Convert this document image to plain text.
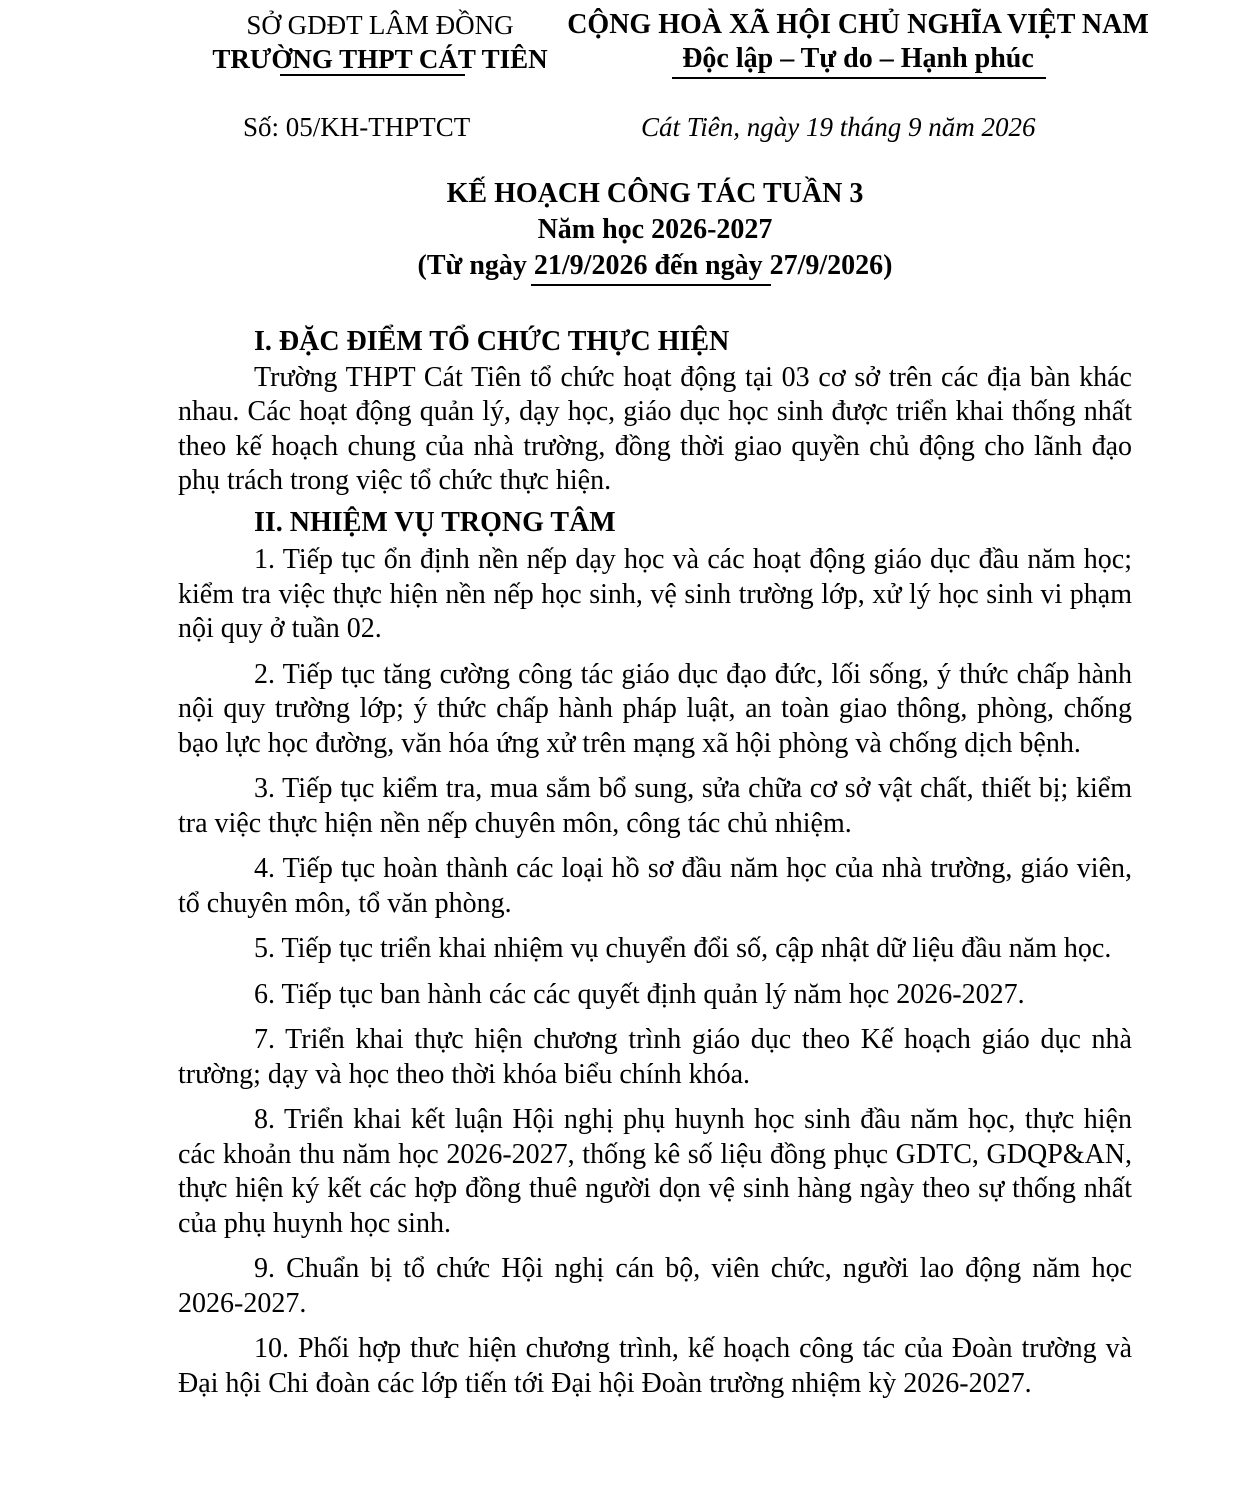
SỞ GDĐT LÂM ĐỒNG
TRƯỜNG THPT CÁT TIÊN
CỘNG HOÀ XÃ HỘI CHỦ NGHĨA VIỆT NAM
Độc lập – Tự do – Hạnh phúc
Số: 05/KH-THPTCT	Cát Tiên, ngày 19 tháng 9 năm 2026
KẾ HOẠCH CÔNG TÁC TUẦN 3
Năm học 2026-2027
(Từ ngày 21/9/2026 đến ngày 27/9/2026)

I. ĐẶC ĐIỂM TỔ CHỨC THỰC HIỆN

Trường THPT Cát Tiên tổ chức hoạt động tại 03 cơ sở trên các địa bàn khác nhau. Các hoạt động quản lý, dạy học, giáo dục học sinh được triển khai thống nhất theo kế hoạch chung của nhà trường, đồng thời giao quyền chủ động cho lãnh đạo phụ trách trong việc tổ chức thực hiện.

II. NHIỆM VỤ TRỌNG TÂM

1. Tiếp tục ổn định nền nếp dạy học và các hoạt động giáo dục đầu năm học; kiểm tra việc thực hiện nền nếp học sinh, vệ sinh trường lớp, xử lý học sinh vi phạm nội quy ở tuần 02.

2. Tiếp tục tăng cường công tác giáo dục đạo đức, lối sống, ý thức chấp hành nội quy trường lớp; ý thức chấp hành pháp luật, an toàn giao thông, phòng, chống bạo lực học đường, văn hóa ứng xử trên mạng xã hội phòng và chống dịch bệnh.

3. Tiếp tục kiểm tra, mua sắm bổ sung, sửa chữa cơ sở vật chất, thiết bị; kiểm tra việc thực hiện nền nếp chuyên môn, công tác chủ nhiệm.

4. Tiếp tục hoàn thành các loại hồ sơ đầu năm học của nhà trường, giáo viên, tổ chuyên môn, tổ văn phòng.

5. Tiếp tục triển khai nhiệm vụ chuyển đổi số, cập nhật dữ liệu đầu năm học.

6. Tiếp tục ban hành các các quyết định quản lý năm học 2026-2027.

7. Triển khai thực hiện chương trình giáo dục theo Kế hoạch giáo dục nhà trường; dạy và học theo thời khóa biểu chính khóa.

8. Triển khai kết luận Hội nghị phụ huynh học sinh đầu năm học, thực hiện các khoản thu năm học 2026-2027, thống kê số liệu đồng phục GDTC, GDQP&AN, thực hiện ký kết các hợp đồng thuê người dọn vệ sinh hàng ngày theo sự thống nhất của phụ huynh học sinh.

9. Chuẩn bị tổ chức Hội nghị cán bộ, viên chức, người lao động năm học 2026-2027.

10. Phối hợp thưc hiện chương trình, kế hoạch công tác của Đoàn trường và Đại hội Chi đoàn các lớp tiến tới Đại hội Đoàn trường nhiệm kỳ 2026-2027.
